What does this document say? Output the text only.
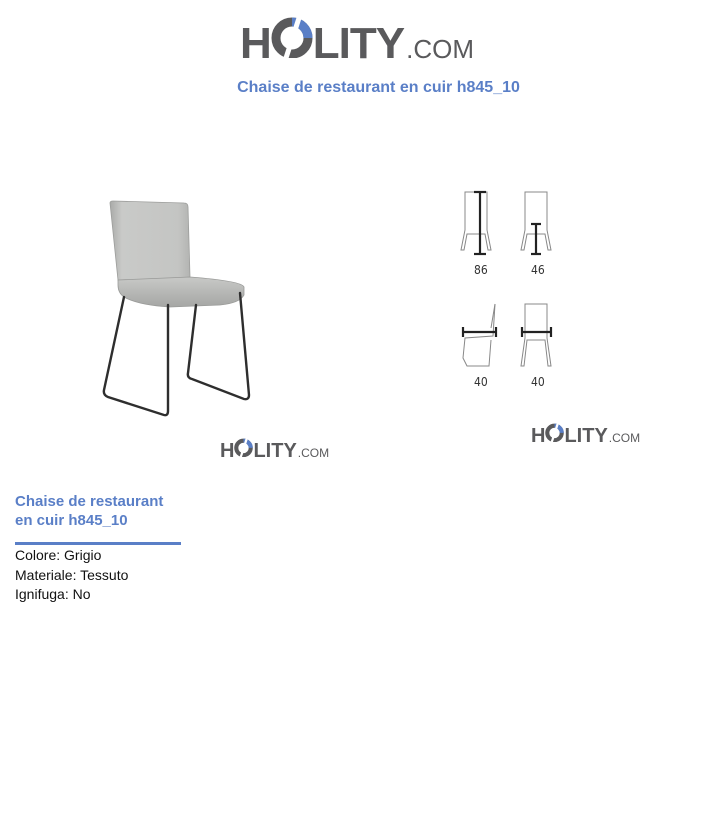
H LITY .COM
Chaise de restaurant en cuir h845_10
86	46
40	40
H LITY .COM
H LITY .COM
Chaise de restaurant en cuir h845_10
Colore: Grigio
Materiale: Tessuto
Ignifuga: No
